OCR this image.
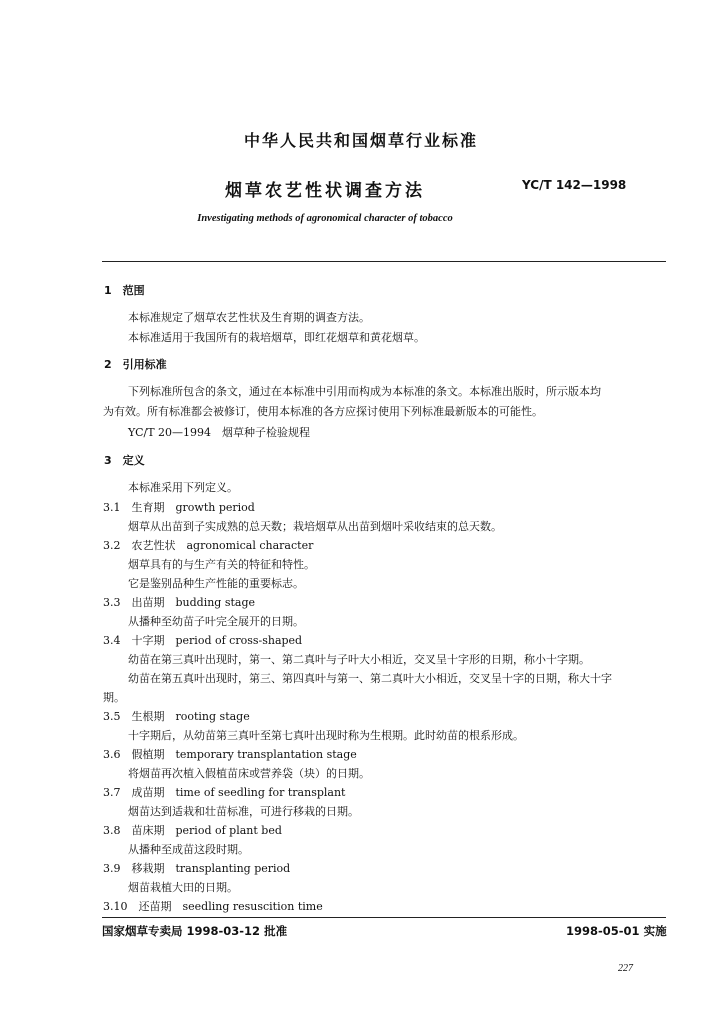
中华人民共和国烟草行业标准
烟草农艺性状调查方法	YC/T 142—1998
Investigating methods of agronomical character of tobacco
1　范围
本标准规定了烟草农艺性状及生育期的调查方法。
本标准适用于我国所有的栽培烟草，即红花烟草和黄花烟草。
2　引用标准
下列标准所包含的条文，通过在本标准中引用而构成为本标准的条文。本标准出版时，所示版本均
为有效。所有标准都会被修订，使用本标准的各方应探讨使用下列标准最新版本的可能性。
YC/T 20—1994　烟草种子检验规程
3　定义
本标准采用下列定义。
3.1　生育期　growth period
烟草从出苗到子实成熟的总天数；栽培烟草从出苗到烟叶采收结束的总天数。
3.2　农艺性状　agronomical character
烟草具有的与生产有关的特征和特性。
它是鉴别品种生产性能的重要标志。
3.3　出苗期　budding stage
从播种至幼苗子叶完全展开的日期。
3.4　十字期　period of cross-shaped
幼苗在第三真叶出现时，第一、第二真叶与子叶大小相近，交叉呈十字形的日期，称小十字期。
幼苗在第五真叶出现时，第三、第四真叶与第一、第二真叶大小相近，交叉呈十字的日期，称大十字
期。
3.5　生根期　rooting stage
十字期后，从幼苗第三真叶至第七真叶出现时称为生根期。此时幼苗的根系形成。
3.6　假植期　temporary transplantation stage
将烟苗再次植入假植苗床或营养袋（块）的日期。
3.7　成苗期　time of seedling for transplant
烟苗达到适栽和壮苗标准，可进行移栽的日期。
3.8　苗床期　period of plant bed
从播种至成苗这段时期。
3.9　移栽期　transplanting period
烟苗栽植大田的日期。
3.10　还苗期　seedling resuscition time
国家烟草专卖局 1998-03-12 批准	1998-05-01 实施
227
